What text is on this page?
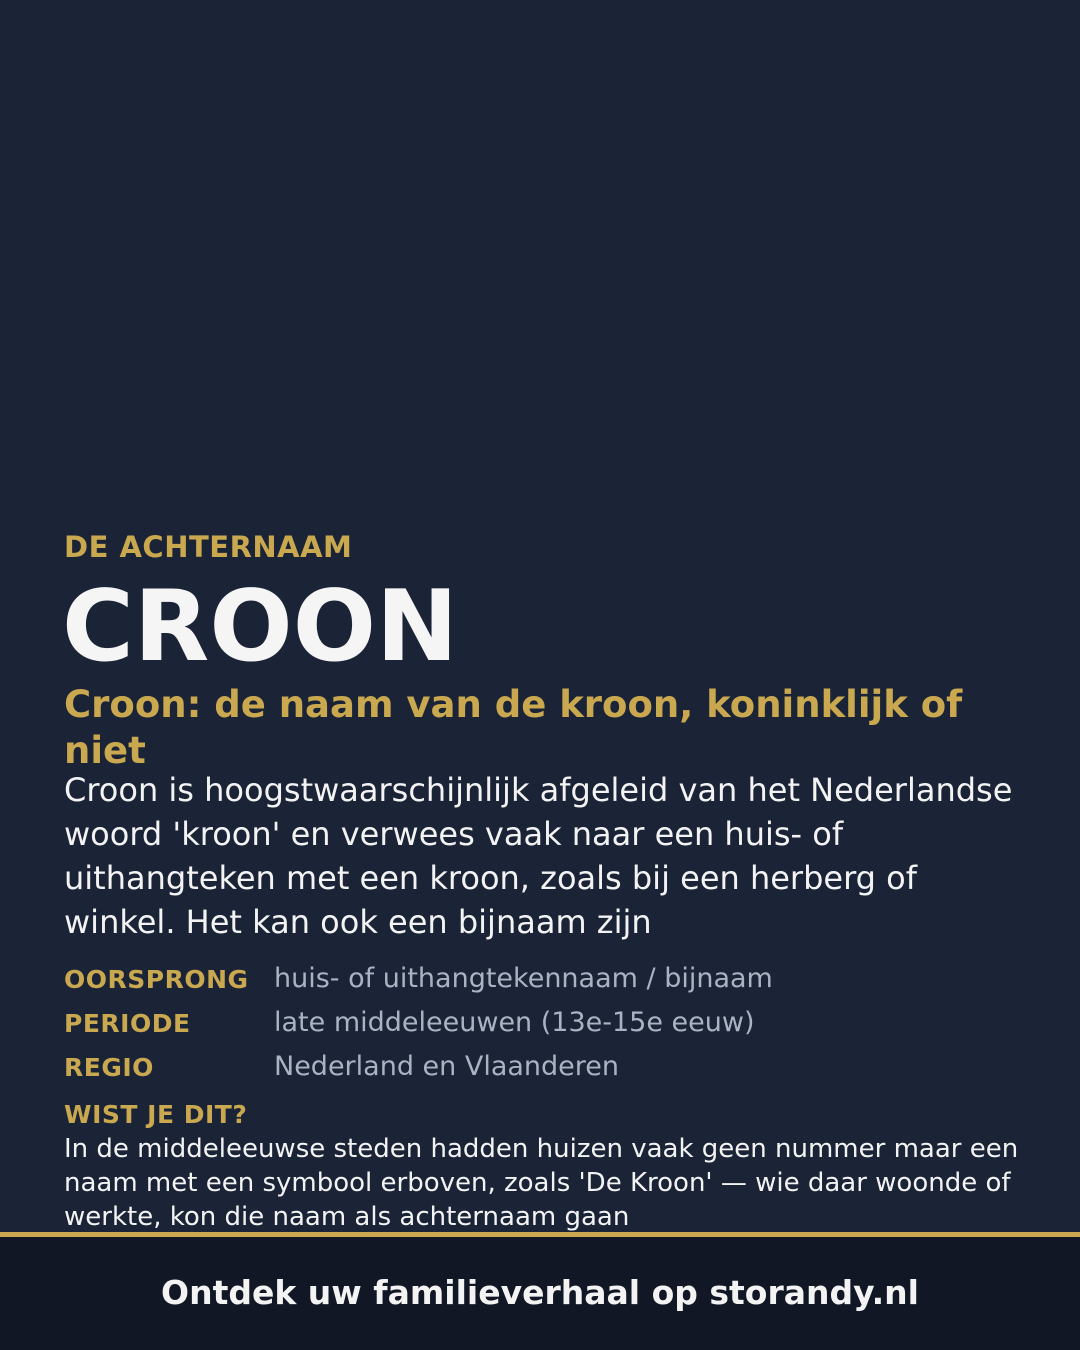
DE ACHTERNAAM
CROON
Croon: de naam van de kroon, koninklijk of niet
Croon is hoogstwaarschijnlijk afgeleid van het Nederlandse woord 'kroon' en verwees vaak naar een huis- of uithangteken met een kroon, zoals bij een herberg of winkel. Het kan ook een bijnaam zijn
OORSPRONG huis- of uithangtekennaam / bijnaam
PERIODE	late middeleeuwen (13e-15e eeuw)
REGIO	Nederland en Vlaanderen
WIST JE DIT?
In de middeleeuwse steden hadden huizen vaak geen nummer maar een naam met een symbool erboven, zoals 'De Kroon' — wie daar woonde of werkte, kon die naam als achternaam gaan
Ontdek uw familieverhaal op storandy.nl
